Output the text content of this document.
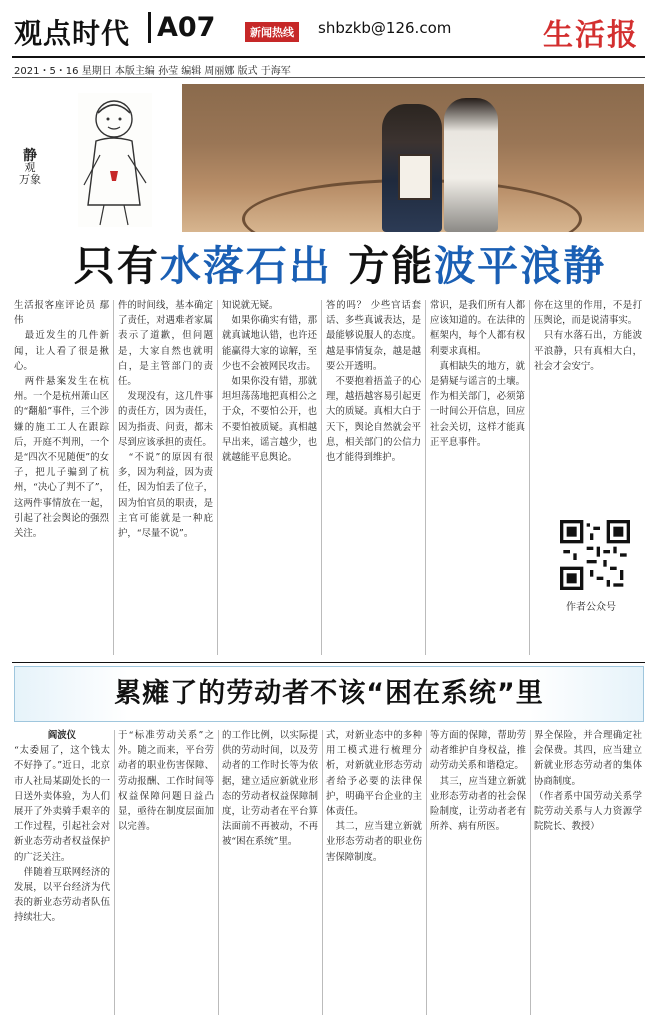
观点时代 A07	新闻热线	shbzkb@126.com	生活报
2021・5・16 星期日 本版主编 孙莹 编辑 周丽娜 版式 于海军
静
观
万象
只有水落石出 方能波平浪静
生活报客座评论员 鄢伟
　最近发生的几件新闻，让人看了很是揪心。
　两件悬案发生在杭州。一个是杭州萧山区的“翻船”事件，三个涉嫌的施工工人在跟踪后，开庭不判刑，一个是“四次不见随便”的女子，把儿子骗到了杭州，“决心了判不了”，这两件事情放在一起，引起了社会舆论的强烈关注。
件的时间线，基本确定了责任，对遇难者家属表示了道歉，但问题是，大家自然也就明白，是主管部门的责任。
　发现没有，这几件事的责任方，因为责任，因为指责、问责，都未尽到应该承担的责任。
　“不说”的原因有很多，因为利益，因为责任，因为怕丢了位子，因为怕官员的职责，是主官可能就是一种庇护，“尽量不说”。
知说就无疑。
　如果你确实有错，那就真诚地认错，也许还能赢得大家的谅解，至少也不会被网民攻击。
　如果你没有错，那就坦坦荡荡地把真相公之于众，不要怕公开，也不要怕被质疑。真相越早出来，谣言越少，也就越能平息舆论。
答的吗？ 少些官话套话、多些真诚表达，是最能够说服人的态度。越是事情复杂，越是越要公开透明。
　不要抱着捂盖子的心理，越捂越容易引起更大的质疑。真相大白于天下，舆论自然就会平息，相关部门的公信力也才能得到维护。
常识，是我们所有人都应该知道的。在法律的框架内，每个人都有权利要求真相。
　真相缺失的地方，就是猜疑与谣言的土壤。作为相关部门，必须第一时间公开信息，回应社会关切，这样才能真正平息事件。
你在这里的作用，不是打压舆论，而是说清事实。
　只有水落石出，方能波平浪静，只有真相大白，社会才会安宁。
作者公众号
累瘫了的劳动者不该“困在系统”里
阎波仪
“太委屈了，这个钱太不好挣了。”近日，北京市人社局某副处长的一日送外卖体验，为人们展开了外卖骑手艰辛的工作过程，引起社会对新业态劳动者权益保护的广泛关注。
　伴随着互联网经济的发展，以平台经济为代表的新业态劳动者队伍持续壮大。
于“标准劳动关系”之外。随之而来，平台劳动者的职业伤害保障、劳动报酬、工作时间等权益保障问题日益凸显，亟待在制度层面加以完善。
的工作比例，以实际提供的劳动时间，以及劳动者的工作时长等为依据，建立适应新就业形态的劳动者权益保障制度，让劳动者在平台算法面前不再被动，不再被“困在系统”里。
式，对新业态中的多种用工模式进行梳理分析，对新就业形态劳动者给予必要的法律保护，明确平台企业的主体责任。
　其二，应当建立新就业形态劳动者的职业伤害保障制度。
等方面的保障，帮助劳动者维护自身权益，推动劳动关系和谐稳定。
　其三，应当建立新就业形态劳动者的社会保险制度，让劳动者老有所养、病有所医。
界全保险，并合理确定社会保费。其四，应当建立新就业形态劳动者的集体协商制度。
（作者系中国劳动关系学院劳动关系与人力资源学院院长、教授）
